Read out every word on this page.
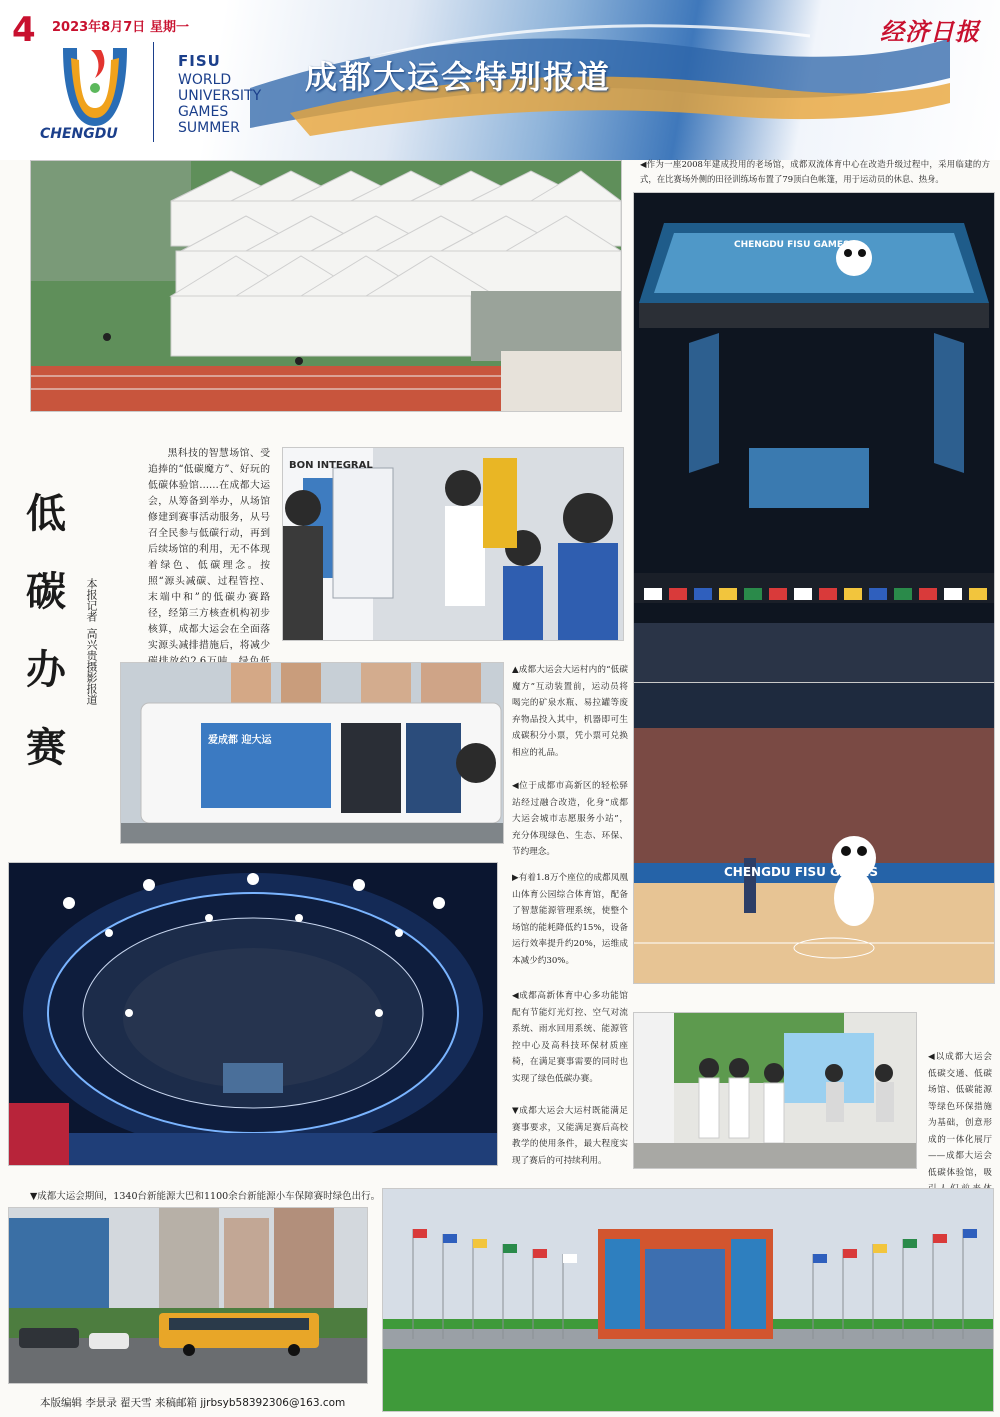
4 2023年8月7日 星期一	经济日报
CHENGDU
FISU
WORLD
UNIVERSITY
GAMES
SUMMER
成都大运会特别报道
◀作为一座2008年建成投用的老场馆，成都双流体育中心在改造升级过程中，采用临建的方式，在比赛场外侧的田径训练场布置了79顶白色帐篷，用于运动员的休息、热身。
CHENGDU FISU GAMES
CHENGDU FISU GAMES
低
碳
办
赛
本报记者
高兴贵摄影报道
黑科技的智慧场馆、受追捧的“低碳魔方”、好玩的低碳体验馆……在成都大运会，从筹备到举办，从场馆修建到赛事活动服务，从号召全民参与低碳行动，再到后续场馆的利用，无不体现着绿色、低碳理念。按照“源头减碳、过程管控、末端中和”的低碳办赛路径，经第三方核查机构初步核算，成都大运会在全面落实源头减排措施后，将减少
BON INTEGRAL
爱成都 迎大运
▲成都大运会大运村内的“低碳魔方”互动装置前，运动员将喝完的矿泉水瓶、易拉罐等废弃物品投入其中，机器即可生成碳积分小票，凭小票可兑换相应的礼品。
◀位于成都市高新区的轻松驿站经过融合改造，化身“成都大运会城市志愿服务小站”，充分体现绿色、生态、环保、节约理念。
▶有着1.8万个座位的成都凤凰山体育公园综合体育馆，配备了智慧能源管理系统，使整个场馆的能耗降低约15%，设备运行效率提升约20%，运维成本减少约30%。
◀成都高新体育中心多功能馆配有节能灯光灯控、空气对流系统、雨水回用系统、能源管控中心及高科技环保材质座椅，在满足赛事需要的同时也实现了绿色低碳办赛。
▼成都大运会大运村既能满足赛事要求，又能满足赛后高校教学的使用条件，最大程度实现了赛后的可持续利用。
◀以成都大运会低碳交通、低碳场馆、低碳能源等绿色环保措施为基础，创意形成的一体化展厅——成都大运会低碳体验馆，吸
▼成都大运会期间，1340台新能源大巴和1100余台新能源小车保障赛时绿色出行。
本版编辑 李景录 翟天雪 来稿邮箱 jjrbsyb58392306@163.com
